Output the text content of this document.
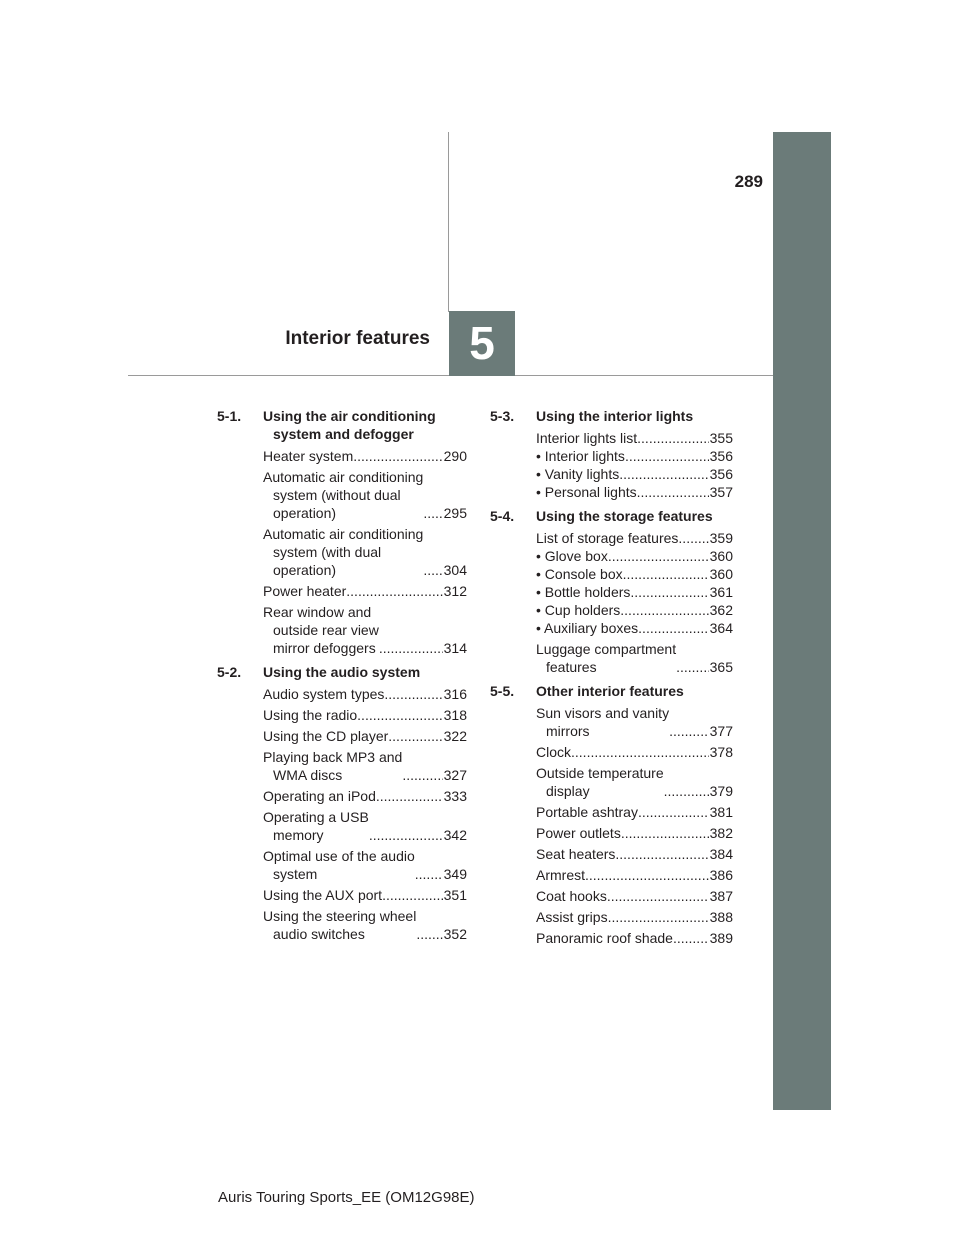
289
5
Interior features
5-1.	Using the air conditioning system and defogger
Heater system .....	290
Automatic air conditioning
system (without dual
operation) .....	295
Automatic air conditioning
system (with dual
operation) .....	304
Power heater .....	312
Rear window and
outside rear view
mirror defoggers .....	314
5-2.	Using the audio system
Audio system types .....	316
Using the radio .....	318
Using the CD player .....	322
Playing back MP3 and
WMA discs .....	327
Operating an iPod .....	333
Operating a USB
memory .....	342
Optimal use of the audio
system .....	349
Using the AUX port .....	351
Using the steering wheel
audio switches .....	352
5-3.	Using the interior lights
Interior lights list .....	355
• Interior lights .....	356
• Vanity lights .....	356
• Personal lights .....	357
5-4.	Using the storage features
List of storage features ..... 359
• Glove box .....	360
• Console box .....	360
• Bottle holders .....	361
• Cup holders .....	362
• Auxiliary boxes .....	364
Luggage compartment
features .....	365
5-5.	Other interior features
Sun visors and vanity
mirrors .....	377
Clock .....	378
Outside temperature
display .....	379
Portable ashtray .....	381
Power outlets .....	382
Seat heaters .....	384
Armrest .....	386
Coat hooks .....	387
Assist grips .....	388
Panoramic roof shade .....	389
Auris Touring Sports_EE (OM12G98E)
